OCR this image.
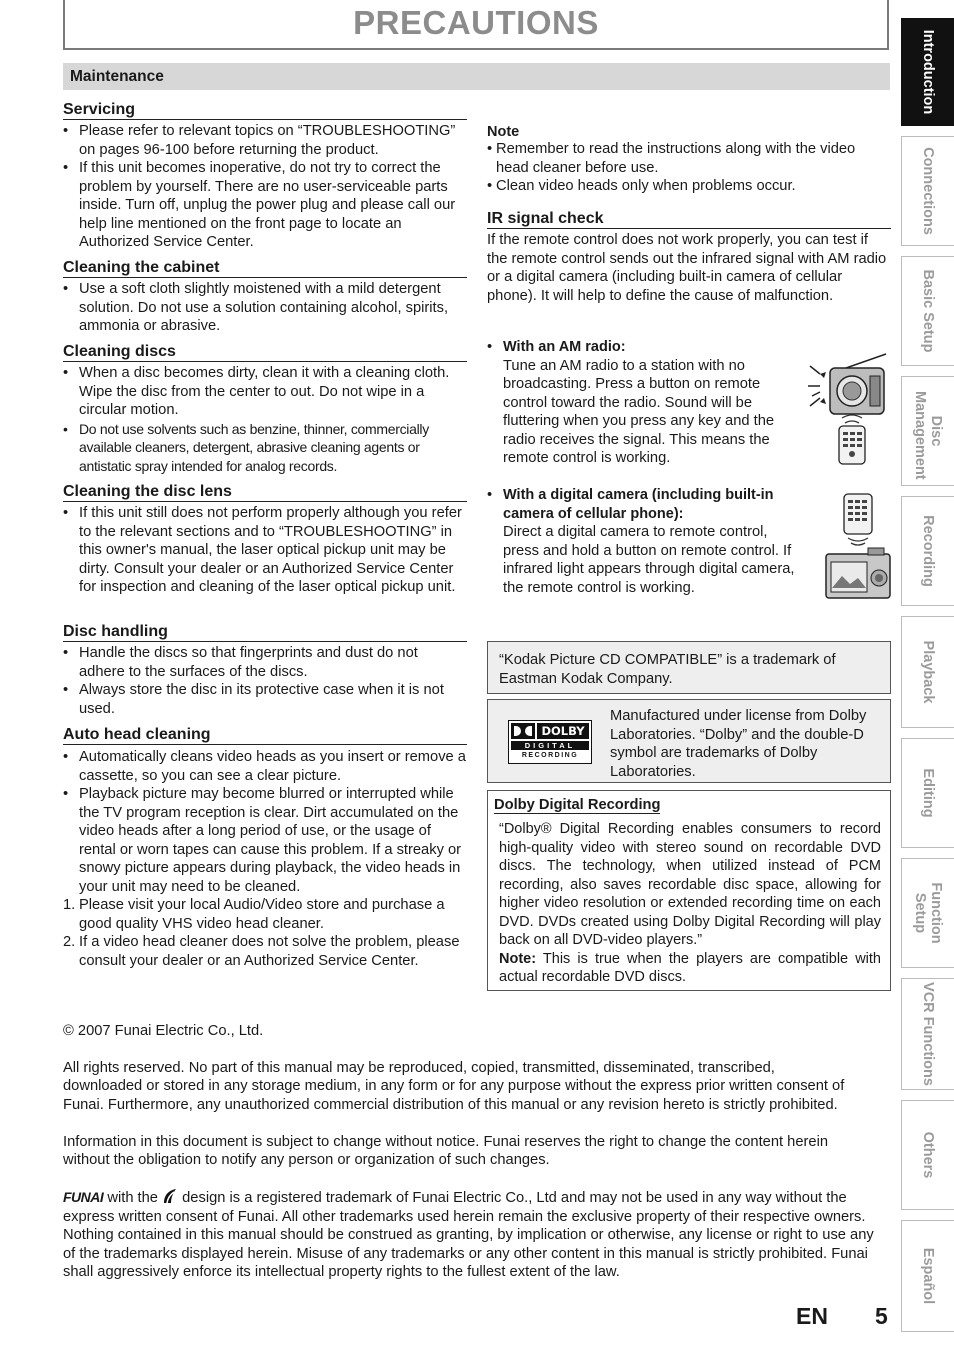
PRECAUTIONS
Maintenance
Servicing
• Please refer to relevant topics on “TROUBLESHOOTING” on pages 96-100 before returning the product.
• If this unit becomes inoperative, do not try to correct the problem by yourself. There are no user-serviceable parts inside. Turn off, unplug the power plug and please call our help line mentioned on the front page to locate an Authorized Service Center.
Cleaning the cabinet
• Use a soft cloth slightly moistened with a mild detergent solution. Do not use a solution containing alcohol, spirits, ammonia or abrasive.
Cleaning discs
• When a disc becomes dirty, clean it with a cleaning cloth. Wipe the disc from the center to out. Do not wipe in a circular motion.
• Do not use solvents such as benzine, thinner, commercially available cleaners, detergent, abrasive cleaning agents or antistatic spray intended for analog records.
Cleaning the disc lens
• If this unit still does not perform properly although you refer to the relevant sections and to “TROUBLESHOOTING” in this owner's manual, the laser optical pickup unit may be dirty. Consult your dealer or an Authorized Service Center for inspection and cleaning of the laser optical pickup unit.
Disc handling
• Handle the discs so that fingerprints and dust do not adhere to the surfaces of the discs.
• Always store the disc in its protective case when it is not used.
Auto head cleaning
• Automatically cleans video heads as you insert or remove a cassette, so you can see a clear picture.
• Playback picture may become blurred or interrupted while the TV program reception is clear. Dirt accumulated on the video heads after a long period of use, or the usage of rental or worn tapes can cause this problem. If a streaky or snowy picture appears during playback, the video heads in your unit may need to be cleaned.
1. Please visit your local Audio/Video store and purchase a good quality VHS video head cleaner.
2. If a video head cleaner does not solve the problem, please consult your dealer or an Authorized Service Center.
Note
• Remember to read the instructions along with the video head cleaner before use.
• Clean video heads only when problems occur.
IR signal check

If the remote control does not work properly, you can test if the remote control sends out the infrared signal with AM radio or a digital camera (including built-in camera of cellular phone). It will help to define the cause of malfunction.

• With an AM radio:
Tune an AM radio to a station with no broadcasting. Press a button on remote control toward the radio. Sound will be fluttering when you press any key and the radio receives the signal. This means the remote control is working.
• With a digital camera (including built-in camera of cellular phone):
Direct a digital camera to remote control, press and hold a button on remote control. If infrared light appears through digital camera, the remote control is working.

“Kodak Picture CD COMPATIBLE” is a trademark of Eastman Kodak Company.

DOLBY
DIGITAL
RECORDING

Manufactured under license from Dolby Laboratories. “Dolby” and the double-D symbol are trademarks of Dolby Laboratories.

Dolby Digital Recording

“Dolby® Digital Recording enables consumers to record high-quality video with stereo sound on recordable DVD discs. The technology, when utilized instead of PCM recording, also saves recordable disc space, allowing for higher video resolution or extended recording time on each DVD. DVDs created using Dolby Digital Recording will play back on all DVD-video players.”

Note: This is true when the players are compatible with actual recordable DVD discs.

© 2007 Funai Electric Co., Ltd.

All rights reserved. No part of this manual may be reproduced, copied, transmitted, disseminated, transcribed, downloaded or stored in any storage medium, in any form or for any purpose without the express prior written consent of Funai. Furthermore, any unauthorized commercial distribution of this manual or any revision hereto is strictly prohibited.

Information in this document is subject to change without notice. Funai reserves the right to change the content herein without the obligation to notify any person or organization of such changes.

FUNAI with the  design is a registered trademark of Funai Electric Co., Ltd and may not be used in any way without the express written consent of Funai. All other trademarks used herein remain the exclusive property of their respective owners. Nothing contained in this manual should be construed as granting, by implication or otherwise, any license or right to use any of the trademarks displayed herein. Misuse of any trademarks or any other content in this manual is strictly prohibited. Funai shall aggressively enforce its intellectual property rights to the fullest extent of the law.

Introduction
Connections
Basic Setup
Disc Management
Recording
Playback
Editing
Function Setup
VCR Functions
Others
Español
EN 5
